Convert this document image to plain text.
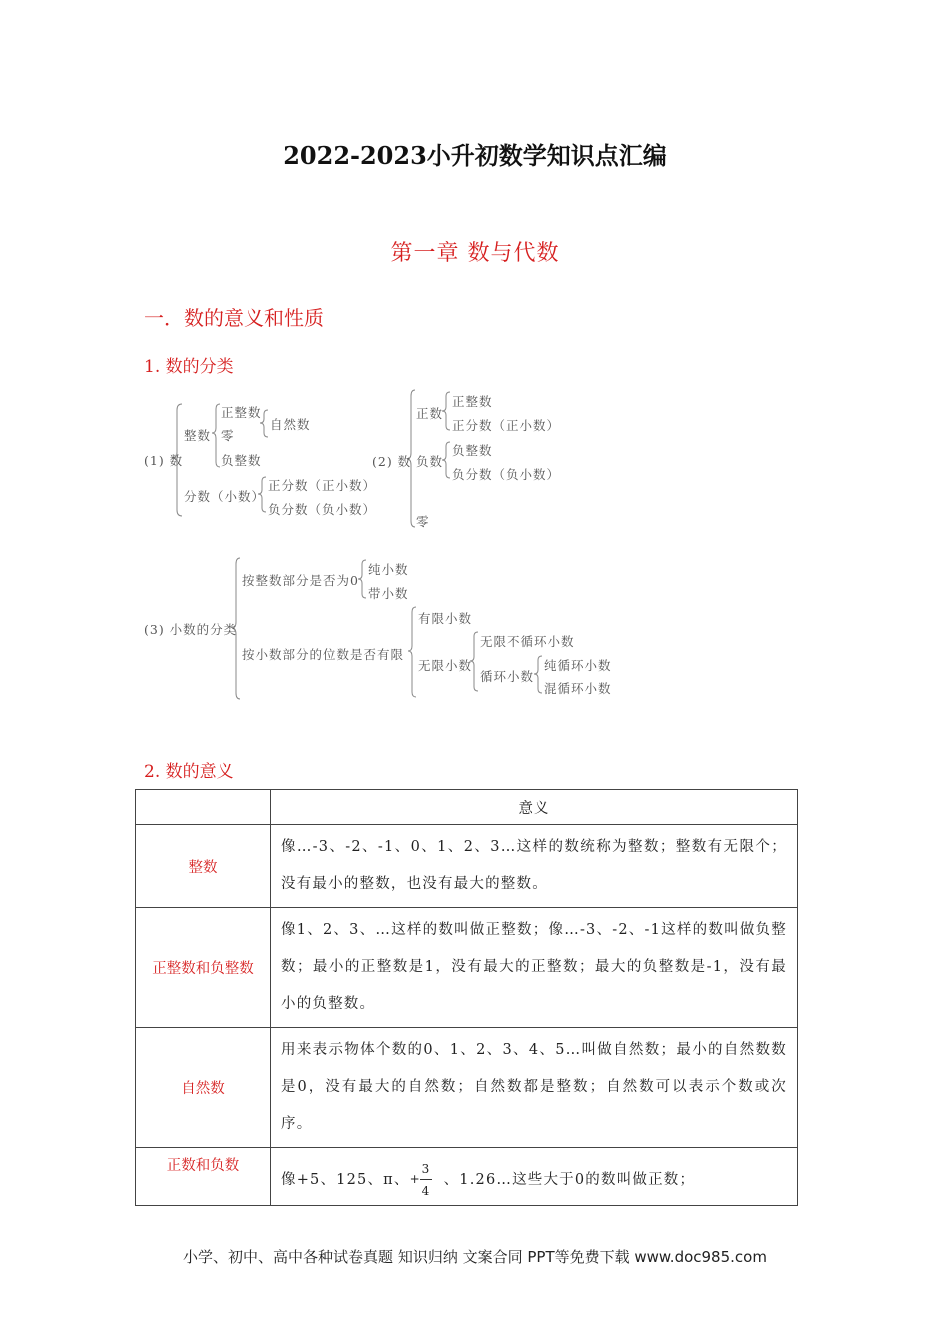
2022-2023小升初数学知识点汇编
第一章 数与代数
一．数的意义和性质
1. 数的分类
(1) 数
整数
正整数
零
自然数
负整数
分数（小数）
正分数（正小数）
负分数（负小数）
(2) 数
正数
正整数
正分数（正小数）
负数
负整数
负分数（负小数）
零
(3) 小数的分类
按整数部分是否为0
纯小数
带小数
按小数部分的位数是否有限
有限小数
无限小数
无限不循环小数
循环小数
纯循环小数
混循环小数
2. 数的意义
	意义
整数	像…-3、-2、-1、0、1、2、3…这样的数统称为整数；整数有无限个；没有最小的整数，也没有最大的整数。
正整数和负整数	像1、2、3、…这样的数叫做正整数；像…-3、-2、-1这样的数叫做负整数；最小的正整数是1，没有最大的正整数；最大的负整数是-1，没有最小的负整数。
自然数	用来表示物体个数的0、1、2、3、4、5…叫做自然数；最小的自然数数是0，没有最大的自然数；自然数都是整数；自然数可以表示个数或次序。
正数和负数	像+5、125、π、 +
3
4
、1.26…这些大于0的数叫做正数；
小学、初中、高中各种试卷真题 知识归纳 文案合同 PPT等免费下载 www.doc985.com
